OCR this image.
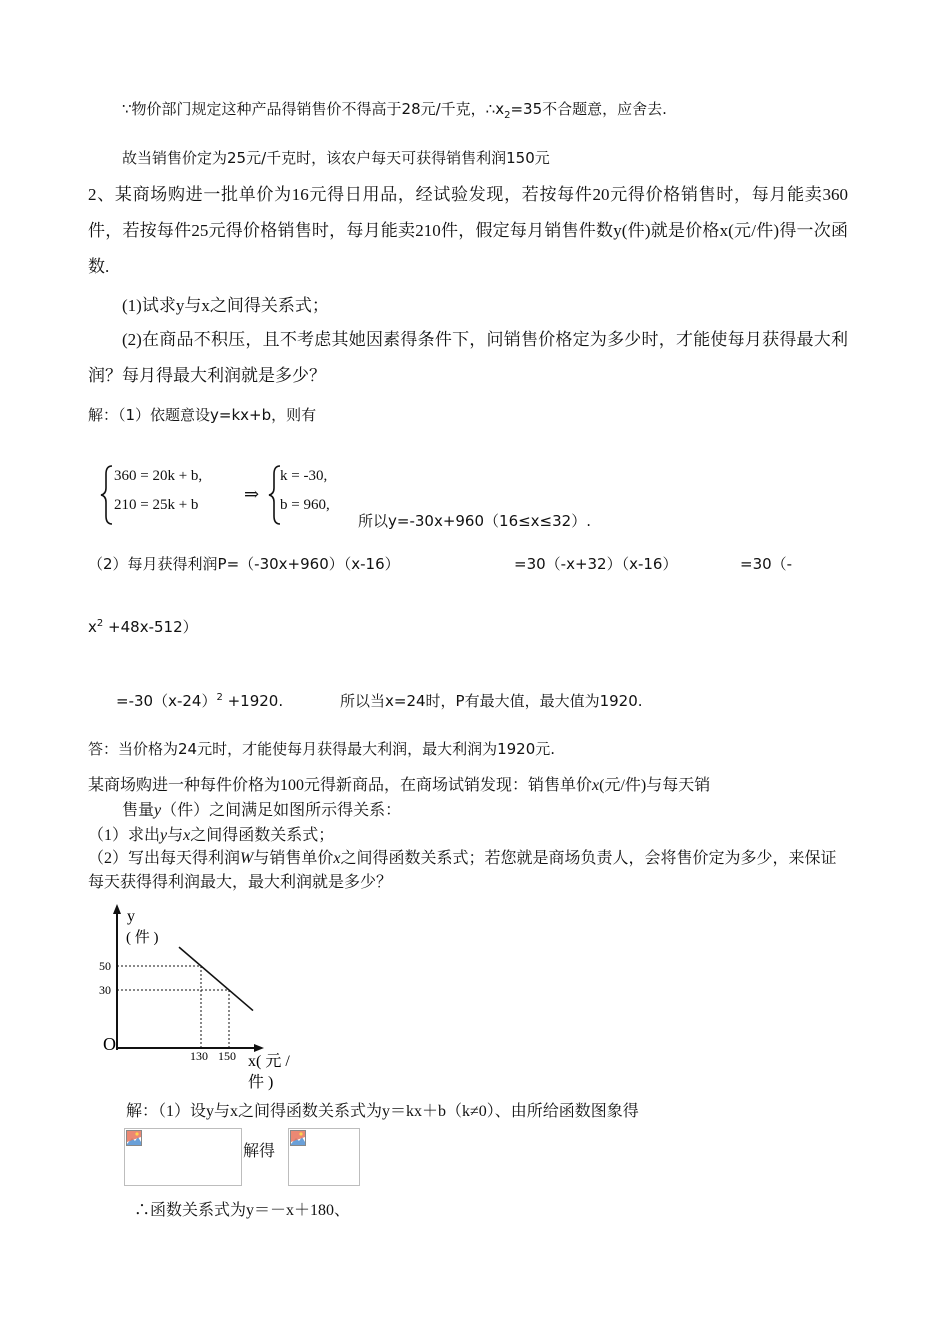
∵物价部门规定这种产品得销售价不得高于28元/千克，$\therefore x_2=35$不合题意，应舍去.
故当销售价定为25元/千克时，该农户每天可获得销售利润150元
2、某商场购进一批单价为16元得日用品，经试验发现，若按每件20元得价格销售时，每月能卖360件，若按每件25元得价格销售时，每月能卖210件，假定每月销售件数y(件)就是价格x(元/件)得一次函数.
(1)试求y与x之间得关系式；
(2)在商品不积压，且不考虑其她因素得条件下，问销售价格定为多少时，才能使每月获得最大利润？每月得最大利润就是多少？
解：（1）依题意设y=kx+b，则有
360 = 20k + b,
210 = 25k + b
⇒
k = -30,
b = 960,
所以y=-30x+960（16≤x≤32）.
（2）每月获得利润P=（-30x+960）（x-16）	=30（-x+32）（x-16）	=30（-
$x^2 +48x-512$）
$=-30(x-24)^2 +1920$.	所以当x=24时，P有最大值，最大值为1920.
答：当价格为24元时，才能使每月获得最大利润，最大利润为1920元.
某商场购进一种每件价格为100元得新商品，在商场试销发现：销售单价x(元/件)与每天销
售量y（件）之间满足如图所示得关系：
（1）求出y与x之间得函数关系式；
（2）写出每天得利润W与销售单价x之间得函数关系式；若您就是商场负责人，会将售价定为多少，来保证每天获得得利润最大，最大利润就是多少？
50
30
130 150
y
( 件 )
O
x( 元 /
件 )
解：（1）设y与x之间得函数关系式为y＝kx＋b（k≠0）、由所给函数图象得
解得
∴函数关系式为y＝－x＋180、
